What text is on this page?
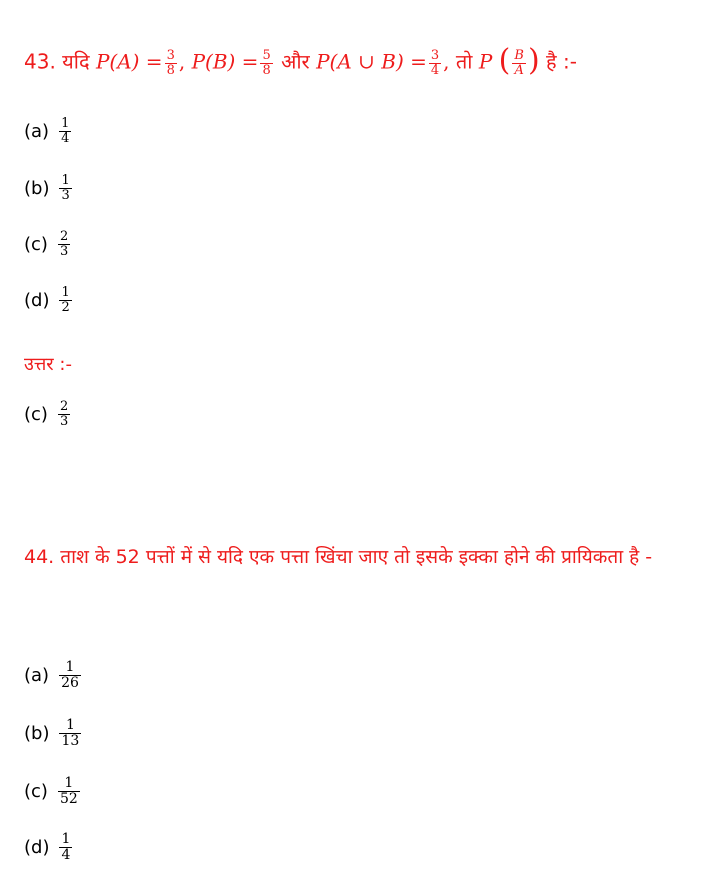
43. यदि $P(A) = \frac{3}{8}$ , $P(B) = \frac{5}{8}$ और P(A ∪ $B) = \frac{3}{4}$ , तो P ( $\frac{B}{A}$ ) है :-
$(a) \frac{1}{4}$
$(b) \frac{1}{3}$
$(c) \frac{2}{3}$
$(d) \frac{1}{2}$
उत्तर :-
$(c) \frac{2}{3}$
44. ताश के 52 पत्तों में से यदि एक पत्ता खिंचा जाए तो इसके इक्का होने की प्रायिकता है -
$(a) \frac{1}{26}$
$(b) \frac{1}{13}$
$(c) \frac{1}{52}$
$(d) \frac{1}{4}$
